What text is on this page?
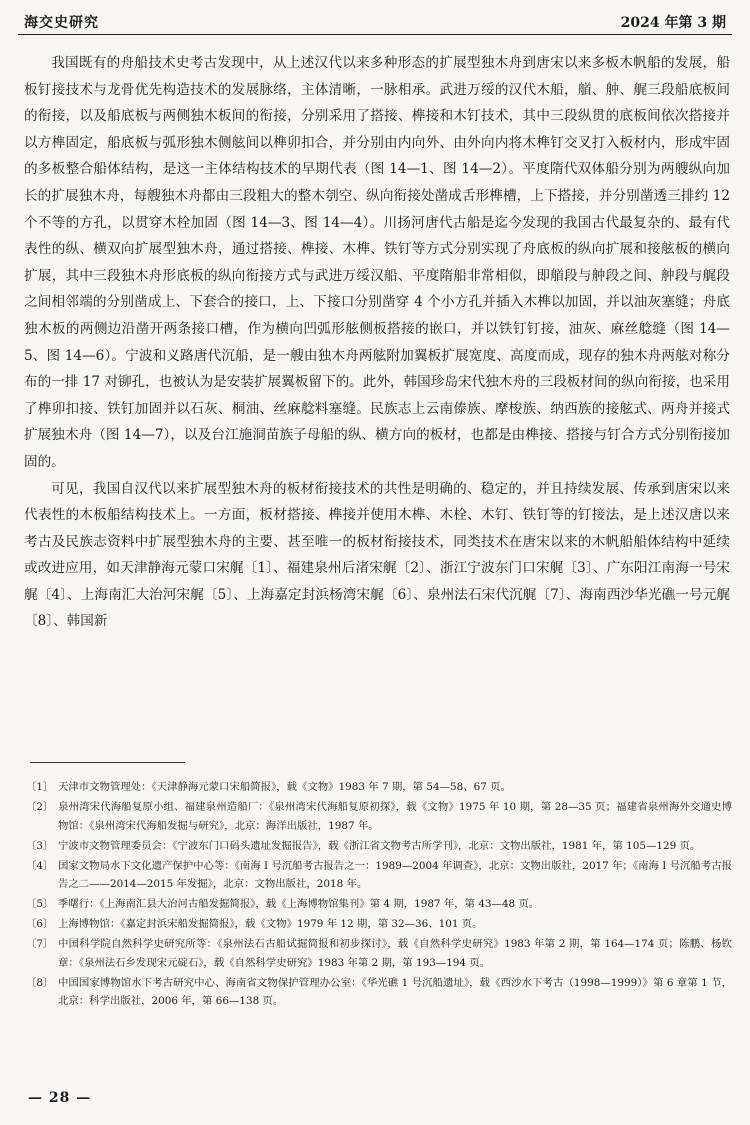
海交史研究	2024 年第 3 期

我国既有的舟船技术史考古发现中，从上述汉代以来多种形态的扩展型独木舟到唐宋以来多板木帆船的发展，船板钉接技术与龙骨优先构造技术的发展脉络，主体清晰，一脉相承。武进万绥的汉代木船，艏、舯、艉三段船底板间的衔接，以及船底板与两侧独木板间的衔接，分别采用了搭接、榫接和木钉技术，其中三段纵贯的底板间依次搭接并以方榫固定，船底板与弧形独木侧舷间以榫卯扣合，并分别由内向外、由外向内将木榫钉交叉打入板材内，形成牢固的多板整合船体结构，是这一主体结构技术的早期代表（图 14—1、图 14—2）。平度隋代双体船分别为两艘纵向加长的扩展独木舟，每艘独木舟都由三段粗大的整木刳空、纵向衔接处凿成舌形榫槽，上下搭接，并分别凿透三排约 12 个不等的方孔，以贯穿木栓加固（图 14—3、图 14—4）。川扬河唐代古船是迄今发现的我国古代最复杂的、最有代表性的纵、横双向扩展型独木舟，通过搭接、榫接、木榫、铁钉等方式分别实现了舟底板的纵向扩展和接舷板的横向扩展，其中三段独木舟形底板的纵向衔接方式与武进万绥汉船、平度隋船非常相似，即艏段与舯段之间、舯段与艉段之间相邻端的分别凿成上、下套合的接口，上、下接口分别凿穿 4 个小方孔并插入木榫以加固，并以油灰塞缝；舟底独木板的两侧边沿凿开两条接口槽，作为横向凹弧形舷侧板搭接的嵌口，并以铁钉钉接，油灰、麻丝艌缝（图 14—5、图 14—6）。宁波和义路唐代沉船，是一艘由独木舟两舷附加翼板扩展宽度、高度而成，现存的独木舟两舷对称分布的一排 17 对铆孔，也被认为是安装扩展翼板留下的。此外，韩国珍岛宋代独木舟的三段板材间的纵向衔接，也采用了榫卯扣接、铁钉加固并以石灰、桐油、丝麻艌料塞缝。民族志上云南傣族、摩梭族、纳西族的接舷式、两舟并接式扩展独木舟（图 14—7），以及台江施洞苗族子母船的纵、横方向的板材，也都是由榫接、搭接与钉合方式分别衔接加固的。

可见，我国自汉代以来扩展型独木舟的板材衔接技术的共性是明确的、稳定的，并且持续发展、传承到唐宋以来代表性的木板船结构技术上。一方面，板材搭接、榫接并使用木榫、木栓、木钉、铁钉等的钉接法，是上述汉唐以来考古及民族志资料中扩展型独木舟的主要、甚至唯一的板材衔接技术，同类技术在唐宋以来的木帆船船体结构中延续或改进应用，如天津静海元蒙口宋艉〔1〕、福建泉州后渚宋艉〔2〕、浙江宁波东门口宋艉〔3〕、广东阳江南海一号宋艉〔4〕、上海南汇大治河宋艉〔5〕、上海嘉定封浜杨湾宋艉〔6〕、泉州法石宋代沉艉〔7〕、海南西沙华光礁一号元艉〔8〕、韩国新

〔1〕 天津市文物管理处：《天津静海元蒙口宋船简报》，载《文物》1983 年 7 期，第 54—58、67 页。
〔2〕 泉州湾宋代海船复原小组、福建泉州造船厂：《泉州湾宋代海船复原初探》，载《文物》1975 年 10 期，第 28—35 页；福建省泉州海外交通史博物馆：《泉州湾宋代海船发掘与研究》，北京：海洋出版社，1987 年。
〔3〕 宁波市文物管理委员会：《宁波东门口码头遗址发掘报告》，载《浙江省文物考古所学刊》，北京：文物出版社，1981 年，第 105—129 页。
〔4〕 国家文物局水下文化遗产保护中心等：《南海 I 号沉船考古报告之一：1989—2004 年调查》，北京：文物出版社，2017 年；《南海 I 号沉船考古报告之二——2014—2015 年发掘》，北京：文物出版社，2018 年。
〔5〕 季曙行：《上海南汇县大治河古船发掘简报》，载《上海博物馆集刊》第 4 期，1987 年，第 43—48 页。
〔6〕 上海博物馆：《嘉定封浜宋船发掘简报》，载《文物》1979 年 12 期，第 32—36、101 页。
〔7〕 中国科学院自然科学史研究所等：《泉州法石古船试掘简报和初步探讨》，载《自然科学史研究》1983 年第 2 期，第 164—174 页；陈鹏、杨钦章：《泉州法石乡发现宋元碇石》，载《自然科学史研究》1983 年第 2 期，第 193—194 页。
〔8〕 中国国家博物馆水下考古研究中心、海南省文物保护管理办公室：《华光礁 1 号沉船遗址》，载《西沙水下考古（1998—1999）》第 6 章第 1 节，北京：科学出版社，2006 年，第 66—138 页。
— 28 —
